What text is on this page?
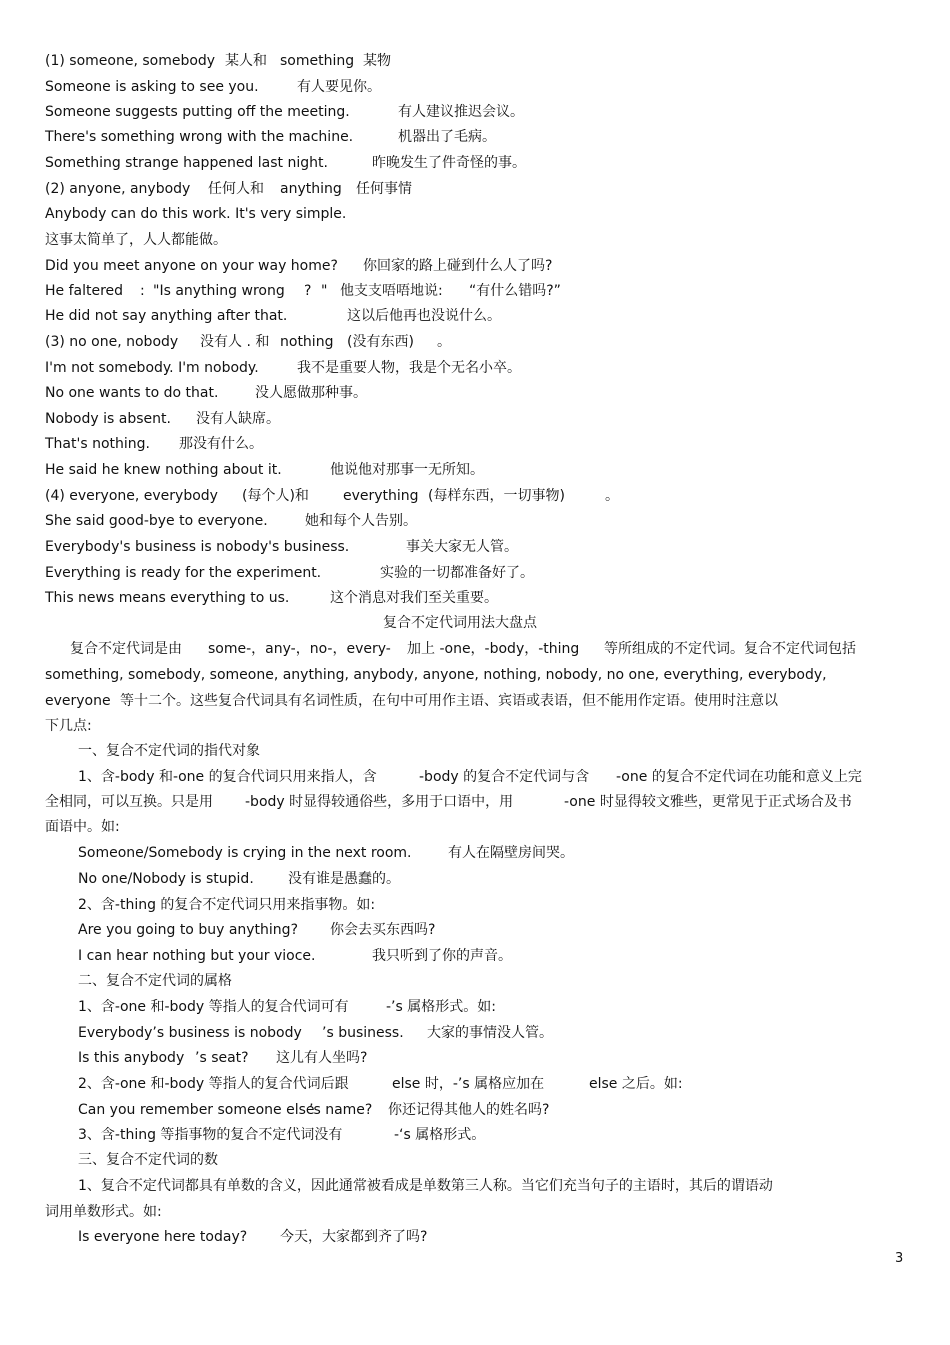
(1) someone, somebody 某人和 something 某物
Someone is asking to see you.	有人要见你。
Someone suggests putting off the meeting.	有人建议推迟会议。
There's something wrong with the machine.	机器出了毛病。
Something strange happened last night.	昨晚发生了件奇怪的事。
(2) anyone, anybody 任何人和 anything 任何事情
Anybody can do this work. It's very simple.
这事太简单了，人人都能做。
Did you meet anyone on your way home? 你回家的路上碰到什么人了吗?
He faltered : "Is anything wrong ? " 他支支唔唔地说: “有什么错吗?”
He did not say anything after that.	这以后他再也没说什么。
(3) no one, nobody 没有人 . 和 nothing (没有东西) 。
I'm not somebody. I'm nobody.	我不是重要人物，我是个无名小卒。
No one wants to do that.	没人愿做那种事。
Nobody is absent. 没有人缺席。
That's nothing. 那没有什么。
He said he knew nothing about it.	他说他对那事一无所知。
(4) everyone, everybody (每个人)和 everything (每样东西，一切事物)	。
She said good-bye to everyone.	她和每个人告别。
Everybody's business is nobody's business.	事关大家无人管。
Everything is ready for the experiment.	实验的一切都准备好了。
This news means everything to us.	这个消息对我们至关重要。
复合不定代词用法大盘点
复合不定代词是由 some-，any-，no-，every- 加上 -one，-body，-thing 等所组成的不定代词。复合不定代词包括
something, somebody, someone, anything, anybody, anyone, nothing, nobody, no one, everything, everybody,
everyone 等十二个。这些复合代词具有名词性质，在句中可用作主语、宾语或表语，但不能用作定语。使用时注意以
下几点:
一、复合不定代词的指代对象
1、含-body 和-one 的复合代词只用来指人，含	-body 的复合不定代词与含 -one 的复合不定代词在功能和意义上完
全相同，可以互换。只是用 -body 时显得较通俗些，多用于口语中，用	-one 时显得较文雅些，更常见于正式场合及书
面语中。如:
Someone/Somebody is crying in the next room.	有人在隔壁房间哭。
No one/Nobody is stupid. 没有谁是愚蠢的。
2、含-thing 的复合不定代词只用来指事物。如:
Are you going to buy anything? 你会去买东西吗?
I can hear nothing but your vioce.	我只听到了你的声音。
二、复合不定代词的属格
1、含-one 和-body 等指人的复合代词可有	-’s 属格形式。如:
Everybody’s business is nobody ’s business. 大家的事情没人管。
Is this anybody ’s seat? 这儿有人坐吗?
2、含-one 和-body 等指人的复合代词后跟	else 时，-’s 属格应加在	else 之后。如:
Can you remember someone else
’s name? 你还记得其他人的姓名吗?
3、含-thing 等指事物的复合不定代词没有	-‘s 属格形式。
三、复合不定代词的数
1、复合不定代词都具有单数的含义，因此通常被看成是单数第三人称。当它们充当句子的主语时，其后的谓语动
词用单数形式。如:
Is everyone here today? 今天，大家都到齐了吗?
3
